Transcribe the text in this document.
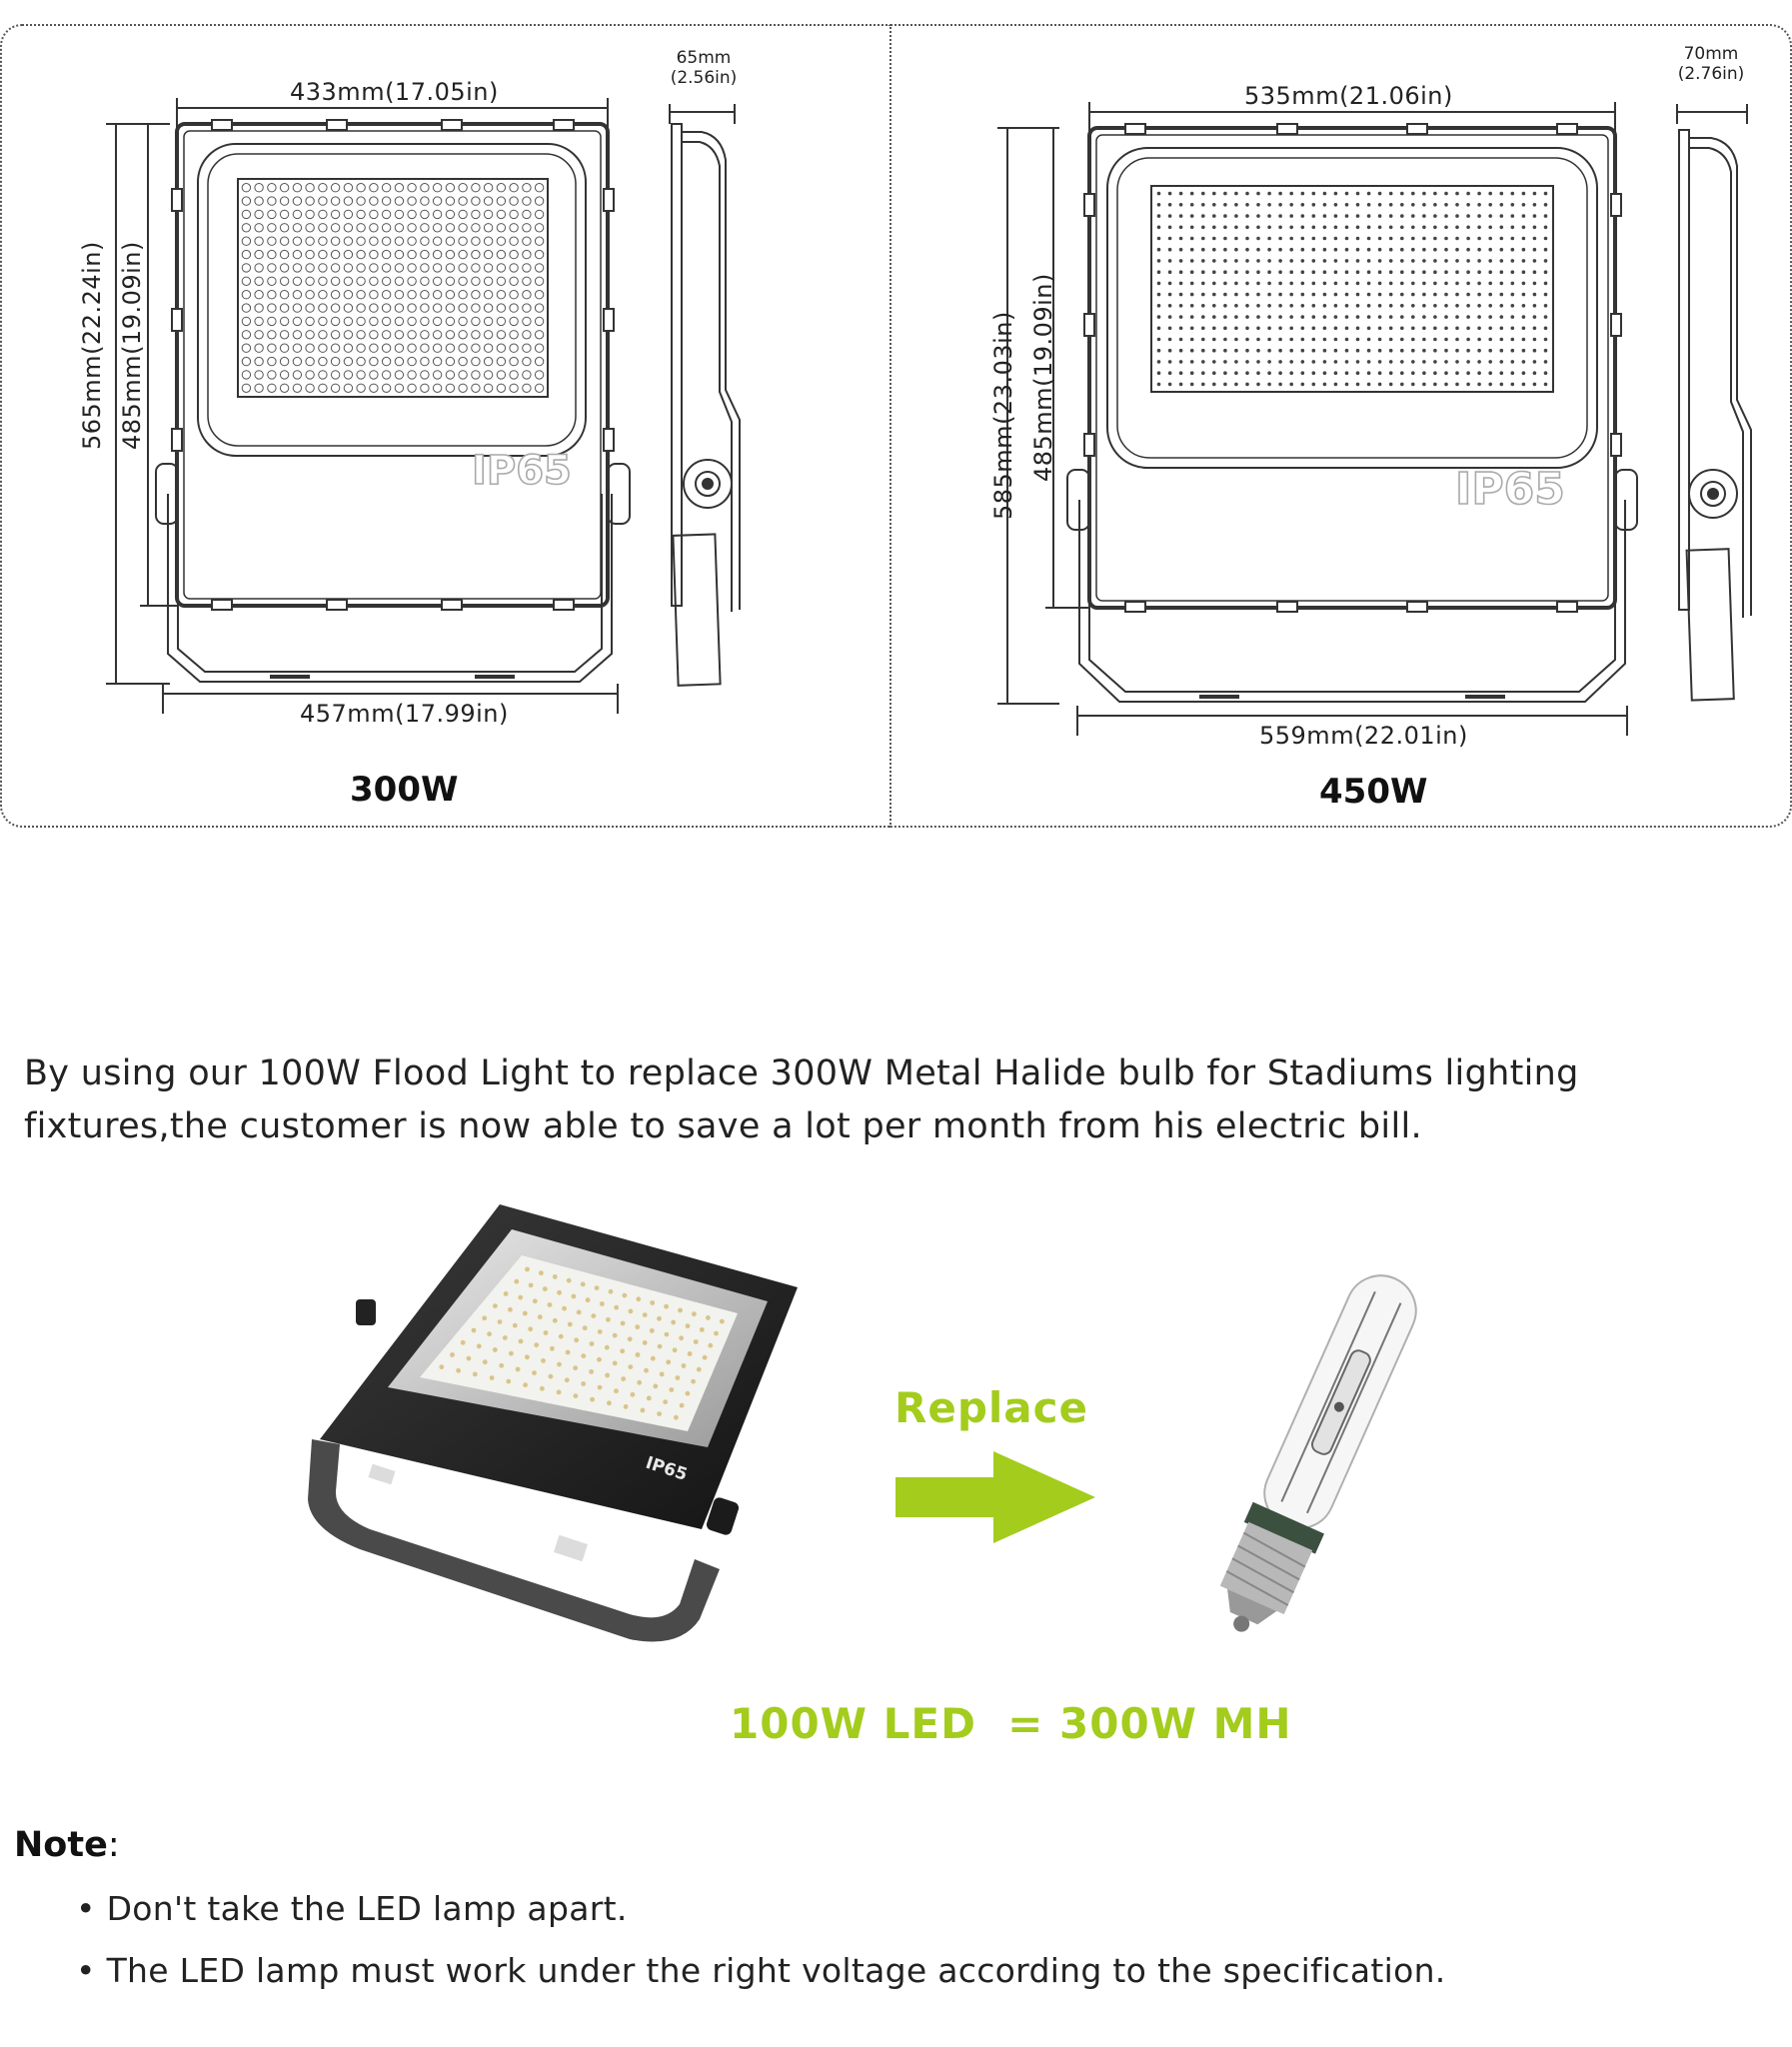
IP65	IP65
433mm(17.05in)
65mm
(2.56in)
565mm(22.24in) 485mm(19.09in)
457mm(17.99in)
300W
535mm(21.06in)
70mm
(2.76in)
585mm(23.03in) 485mm(19.09in)
559mm(22.01in)
450W

By using our 100W Flood Light to replace 300W Metal Halide bulb for Stadiums lighting fixtures,the customer is now able to save a lot per month from his electric bill.

IP65
Replace
100W LED  = 300W MH
Note:
• Don't take the LED lamp apart.
• The LED lamp must work under the right voltage according to the specification.
